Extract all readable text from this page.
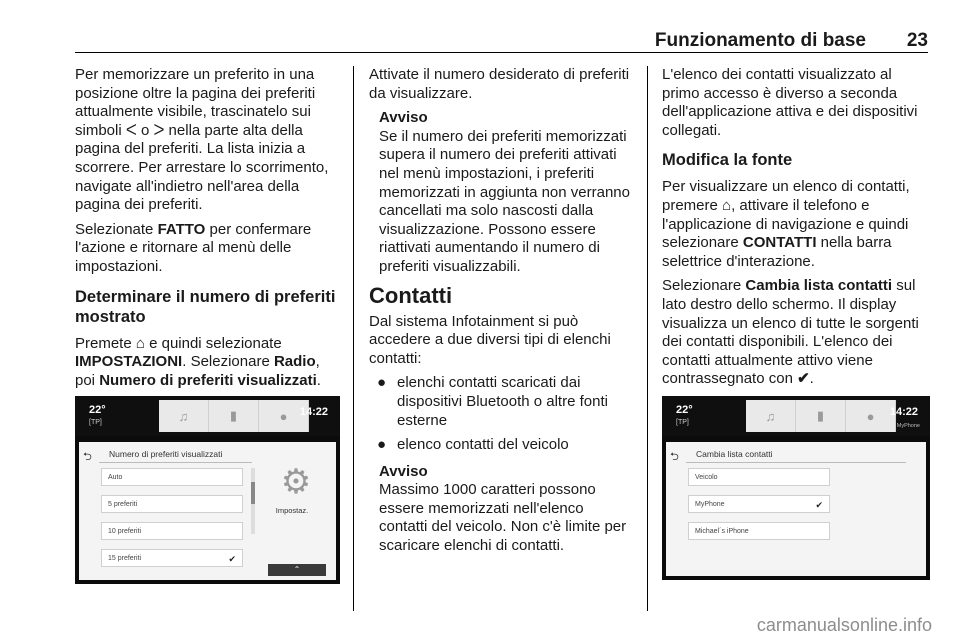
Funzionamento di base 23

Per memorizzare un preferito in una posizione oltre la pagina dei preferiti attualmente visibile, trascinatelo sui simboli ᐸ o ᐳ nella parte alta della pagina del preferiti. La lista inizia a scorrere. Per arrestare lo scorrimento, navigate all'indietro nell'area della pagina dei preferiti.

Selezionate FATTO per confermare l'azione e ritornare al menù delle impostazioni.

Determinare il numero di preferiti mostrato

Premete ⌂ e quindi selezionate IMPOSTAZIONI. Selezionare Radio, poi Numero di preferiti visualizzati.

Attivate il numero desiderato di preferiti da visualizzare.

Avviso
Se il numero dei preferiti memorizzati supera il numero dei preferiti attivati nel menù impostazioni, i preferiti memorizzati in aggiunta non verranno cancellati ma solo nascosti dalla visualizzazione. Possono essere riattivati aumentando il numero di preferiti visualizzabili.
Contatti

Dal sistema Infotainment si può accedere a due diversi tipi di elenchi contatti:

● elenchi contatti scaricati dai dispositivi Bluetooth o altre fonti esterne
● elenco contatti del veicolo
Avviso
Massimo 1000 caratteri possono essere memorizzati nell'elenco contatti del veicolo. Non c'è limite per scaricare elenchi di contatti.

L'elenco dei contatti visualizzato al primo accesso è diverso a seconda dell'applicazione attiva e dei dispositivi collegati.

Modifica la fonte

Per visualizzare un elenco di contatti, premere ⌂, attivare il telefono e l'applicazione di navigazione e quindi selezionare CONTATTI nella barra selettrice d'interazione.

Selezionare Cambia lista contatti sul lato destro dello schermo. Il display visualizza un elenco di tutte le sorgenti dei contatti disponibili. L'elenco dei contatti attualmente attivo viene contrassegnato con ✔.

22°
[TP]	♫	▮	●	14:22
⮌ Numero di preferiti visualizzati
Auto
5 preferiti
10 preferiti
15 preferiti	✔
⚙
Impostaz.
⌃
22°
[TP]	♫	▮	●	14:22
MyPhone
⮌ Cambia lista contatti
Veicolo
MyPhone	✔
Michael´s iPhone
carmanualsonline.info
